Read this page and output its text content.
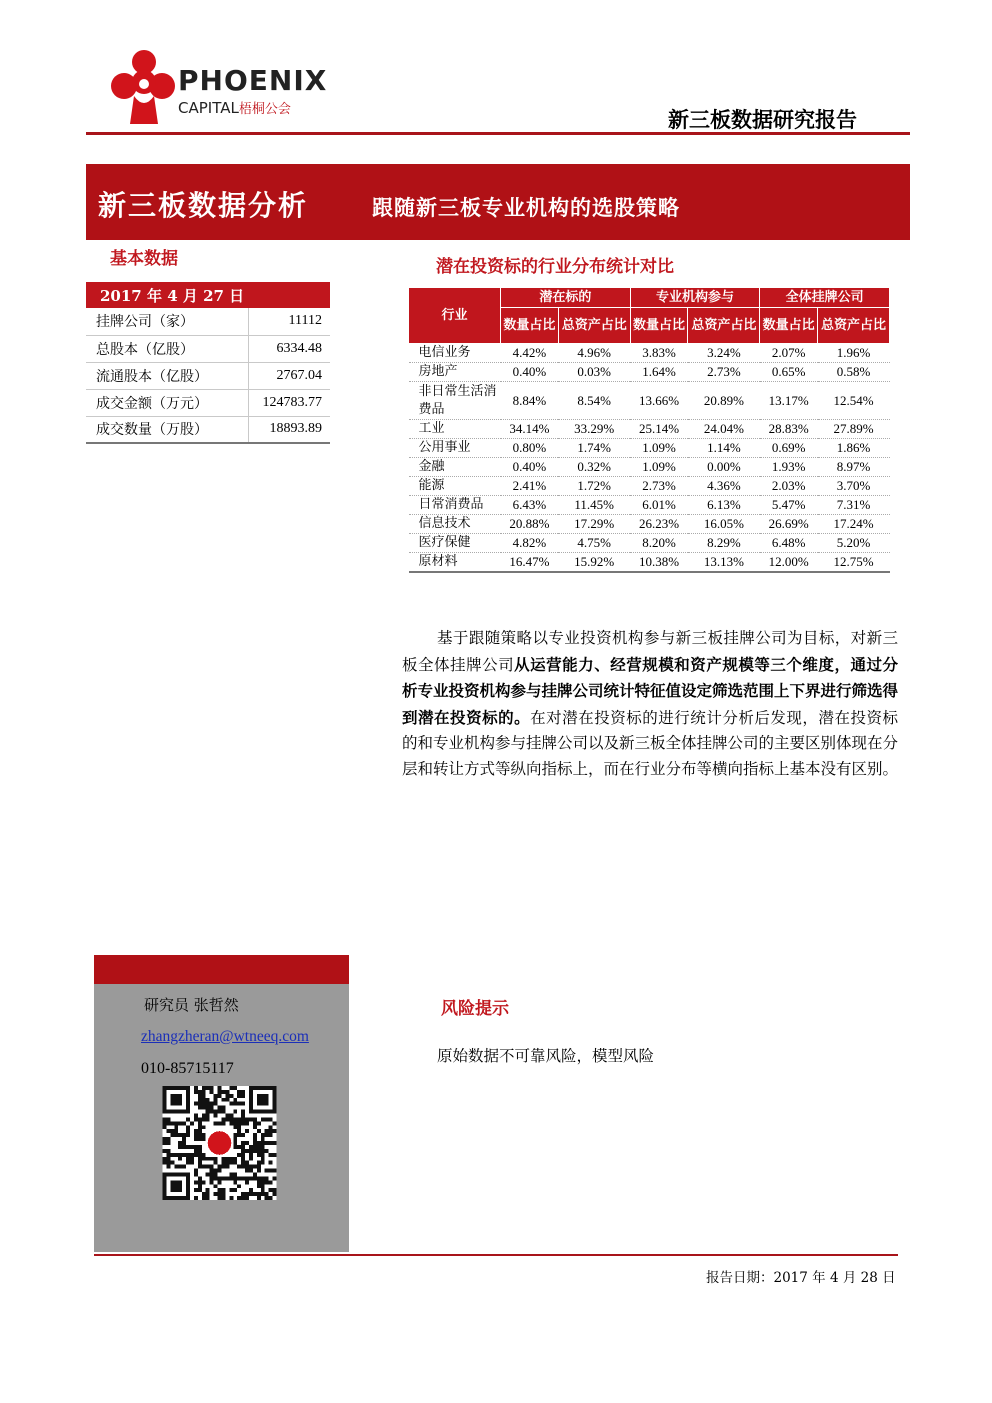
PHOENIX
CAPITAL梧桐公会	新三板数据研究报告
新三板数据分析	跟随新三板专业机构的选股策略
基本数据
2017 年 4 月 27 日	
挂牌公司（家）	11112
总股本（亿股）	6334.48
流通股本（亿股）	2767.04
成交金额（万元）	124783.77
成交数量（万股）	18893.89
潜在投资标的行业分布统计对比
行业	潜在标的		专业机构参与		全体挂牌公司	
	数量占比	总资产占比	数量占比	总资产占比	数量占比	总资产占比
电信业务	4.42%	4.96%	3.83%	3.24%	2.07%	1.96%
房地产	0.40%	0.03%	1.64%	2.73%	0.65%	0.58%
非日常生活消费品	8.84%	8.54%	13.66%	20.89%	13.17%	12.54%
工业	34.14%	33.29%	25.14%	24.04%	28.83%	27.89%
公用事业	0.80%	1.74%	1.09%	1.14%	0.69%	1.86%
金融	0.40%	0.32%	1.09%	0.00%	1.93%	8.97%
能源	2.41%	1.72%	2.73%	4.36%	2.03%	3.70%
日常消费品	6.43%	11.45%	6.01%	6.13%	5.47%	7.31%
信息技术	20.88%	17.29%	26.23%	16.05%	26.69%	17.24%
医疗保健	4.82%	4.75%	8.20%	8.29%	6.48%	5.20%
原材料	16.47%	15.92%	10.38%	13.13%	12.00%	12.75%

基于跟随策略以专业投资机构参与新三板挂牌公司为目标，对新三板全体挂牌公司从运营能力、经营规模和资产规模等三个维度，通过分析专业投资机构参与挂牌公司统计特征值设定筛选范围上下界进行筛选得到潜在投资标的。在对潜在投资标的进行统计分析后发现，潜在投资标的和专业机构参与挂牌公司以及新三板全体挂牌公司的主要区别体现在分层和转让方式等纵向指标上，而在行业分布等横向指标上基本没有区别。

研究员 张哲然
zhangzheran@wtneeq.com
010-85715117
风险提示
原始数据不可靠风险，模型风险
报告日期：2017 年 4 月 28 日
